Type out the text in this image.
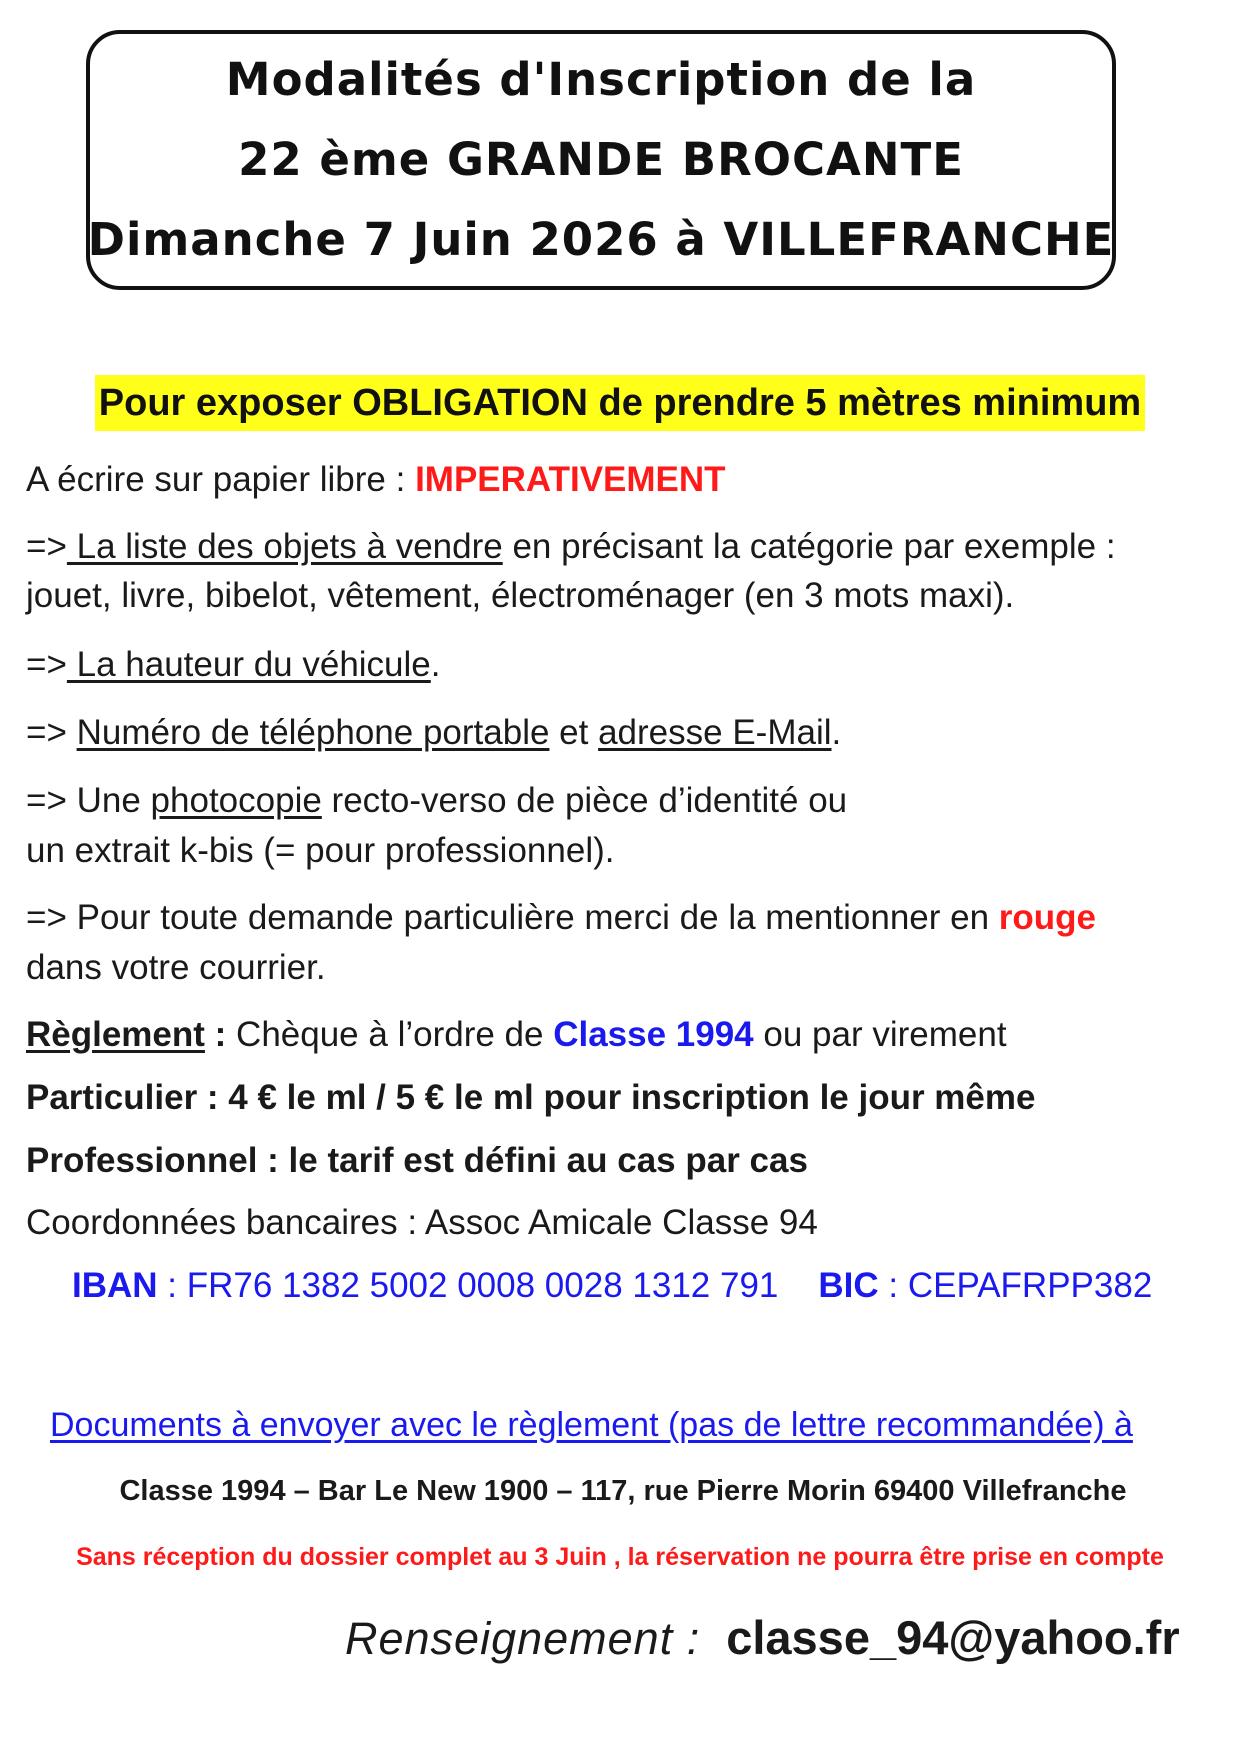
Modalités d'Inscription de la
22 ème GRANDE BROCANTE
Dimanche 7 Juin 2026 à VILLEFRANCHE
Pour exposer OBLIGATION de prendre 5 mètres minimum
A écrire sur papier libre : IMPERATIVEMENT
=> La liste des objets à vendre en précisant la catégorie par exemple :
jouet, livre, bibelot, vêtement, électroménager (en 3 mots maxi).
=> La hauteur du véhicule.
=> Numéro de téléphone portable et adresse E-Mail.
=> Une photocopie recto-verso de pièce d’identité ou
un extrait k-bis (= pour professionnel).
=> Pour toute demande particulière merci de la mentionner en rouge
dans votre courrier.
Règlement : Chèque à l’ordre de Classe 1994 ou par virement
Particulier : 4 € le ml / 5 € le ml pour inscription le jour même
Professionnel : le tarif est défini au cas par cas
Coordonnées bancaires : Assoc Amicale Classe 94
IBAN : FR76 1382 5002 0008 0028 1312 791 BIC : CEPAFRPP382
Documents à envoyer avec le règlement (pas de lettre recommandée) à
Classe 1994 – Bar Le New 1900 – 117, rue Pierre Morin 69400 Villefranche
Sans réception du dossier complet au 3 Juin , la réservation ne pourra être prise en compte
Renseignement : classe_94@yahoo.fr
